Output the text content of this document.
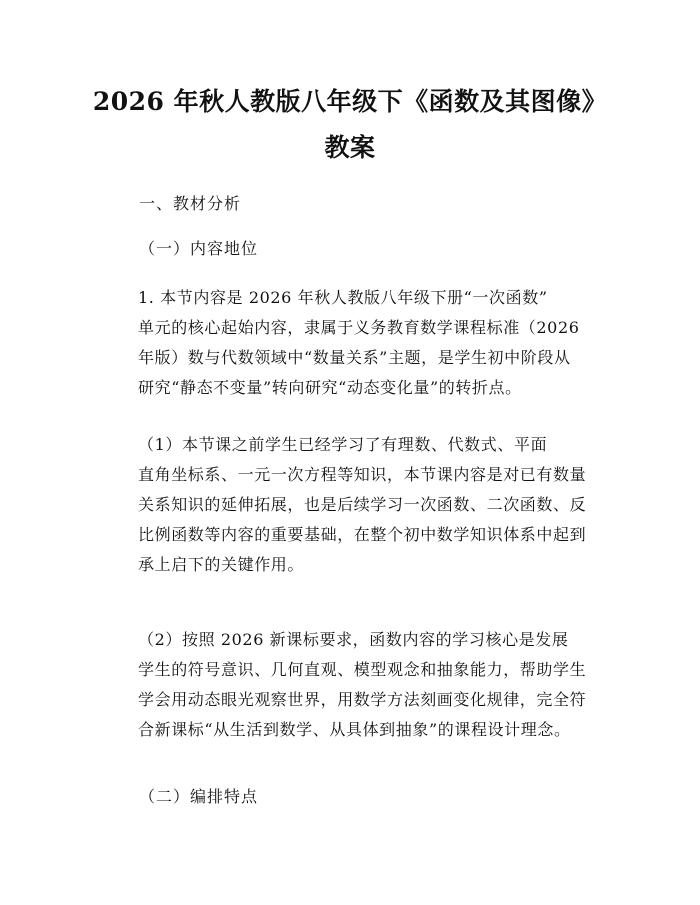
2026 年秋人教版八年级下《函数及其图像》
教案
一、教材分析
（一）内容地位

1. 本节内容是 2026 年秋人教版八年级下册“一次函数”
单元的核心起始内容，隶属于义务教育数学课程标准（2026
年版）数与代数领域中“数量关系”主题，是学生初中阶段从
研究“静态不变量”转向研究“动态变化量”的转折点。

（1）本节课之前学生已经学习了有理数、代数式、平面
直角坐标系、一元一次方程等知识，本节课内容是对已有数量
关系知识的延伸拓展，也是后续学习一次函数、二次函数、反
比例函数等内容的重要基础，在整个初中数学知识体系中起到
承上启下的关键作用。

（2）按照 2026 新课标要求，函数内容的学习核心是发展
学生的符号意识、几何直观、模型观念和抽象能力，帮助学生
学会用动态眼光观察世界，用数学方法刻画变化规律，完全符
合新课标“从生活到数学、从具体到抽象”的课程设计理念。

（二）编排特点
